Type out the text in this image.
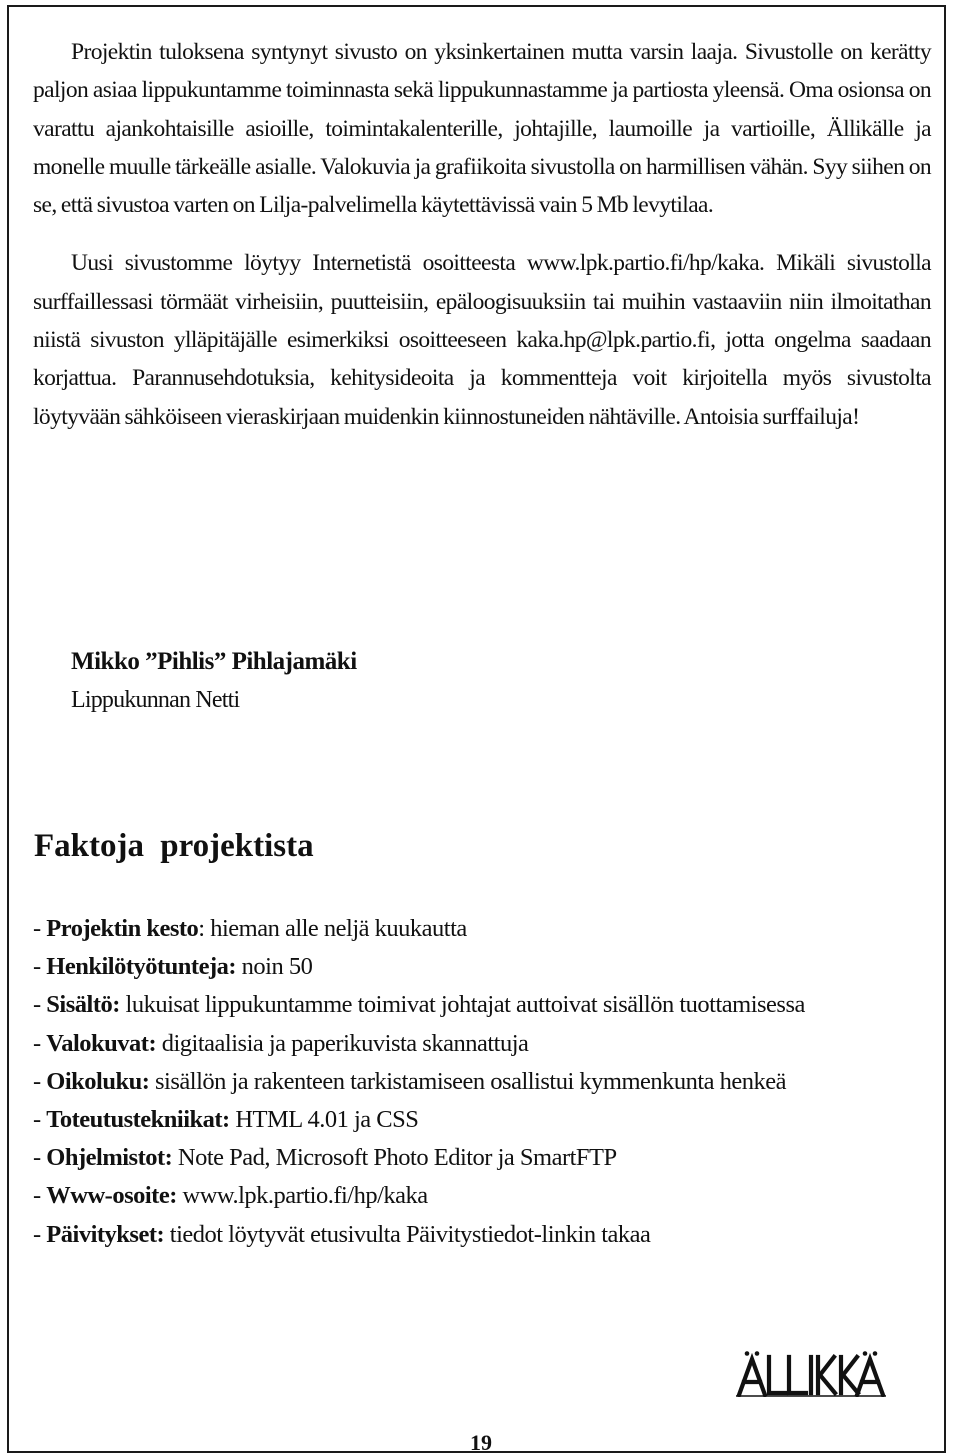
Projektin tuloksena syntynyt sivusto on yksinkertainen mutta varsin laaja. Sivustolle on kerätty paljon asiaa lippukuntamme toiminnasta sekä lippukunnastamme ja partiosta yleensä. Oma osionsa on varattu ajankohtaisille asioille, toimintakalenterille, johtajille, laumoille ja vartioille, Ällikälle ja monelle muulle tärkeälle asialle. Valokuvia ja grafiikoita sivustolla on harmillisen vähän. Syy siihen on se, että sivustoa varten on Lilja-palvelimella käytettävissä vain 5 Mb levytilaa.

Uusi sivustomme löytyy Internetistä osoitteesta www.lpk.partio.fi/hp/kaka. Mikäli sivustolla surffaillessasi törmäät virheisiin, puutteisiin, epäloogisuuksiin tai muihin vastaaviin niin ilmoitathan niistä sivuston ylläpitäjälle esimerkiksi osoitteeseen kaka.hp@lpk.partio.fi, jotta ongelma saadaan korjattua. Parannusehdotuksia, kehitysideoita ja kommentteja voit kirjoitella myös sivustolta löytyvään sähköiseen vieraskirjaan muidenkin kiinnostuneiden nähtäville. Antoisia surffailuja!

Mikko ”Pihlis” Pihlajamäki
Lippukunnan Netti
Faktoja projektista
- Projektin kesto: hieman alle neljä kuukautta
- Henkilötyötunteja: noin 50
- Sisältö: lukuisat lippukuntamme toimivat johtajat auttoivat sisällön tuottamisessa
- Valokuvat: digitaalisia ja paperikuvista skannattuja
- Oikoluku: sisällön ja rakenteen tarkistamiseen osallistui kymmenkunta henkeä
- Toteutustekniikat: HTML 4.01 ja CSS
- Ohjelmistot: Note Pad, Microsoft Photo Editor ja SmartFTP
- Www-osoite: www.lpk.partio.fi/hp/kaka
- Päivitykset: tiedot löytyvät etusivulta Päivitystiedot-linkin takaa
19
